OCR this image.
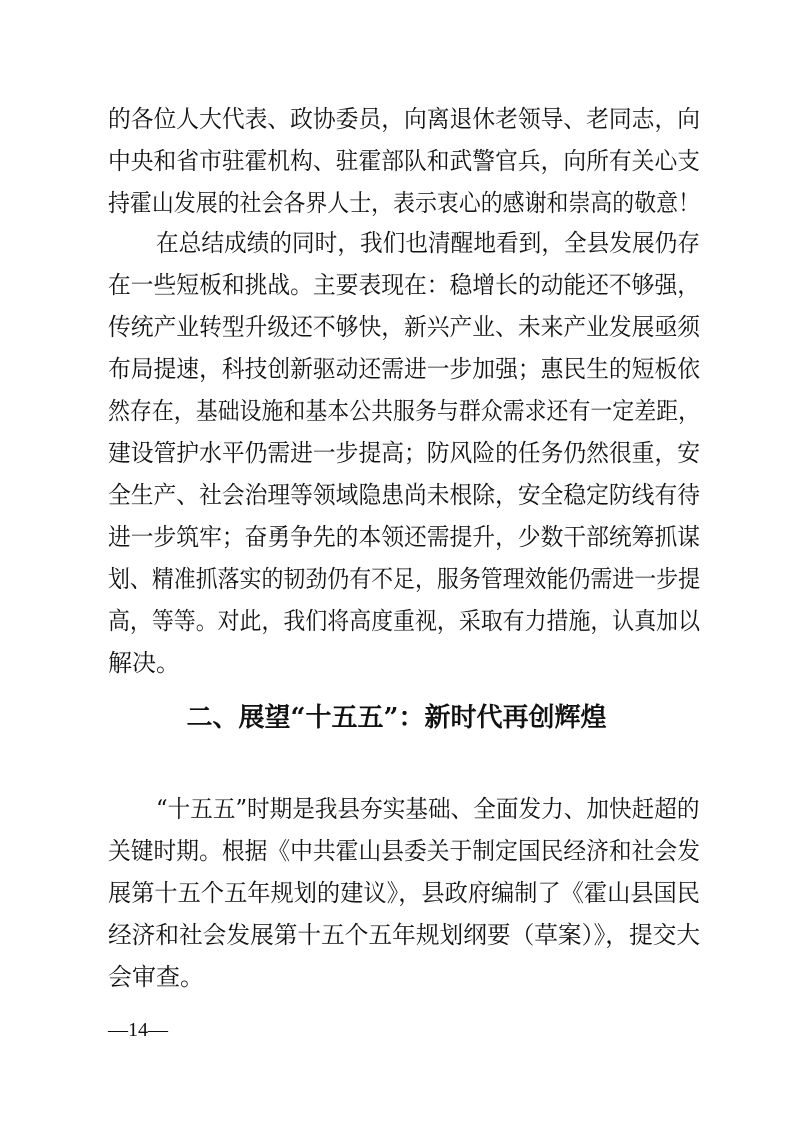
的各位人大代表、政协委员，向离退休老领导、老同志，向
中央和省市驻霍机构、驻霍部队和武警官兵，向所有关心支
持霍山发展的社会各界人士，表示衷心的感谢和崇高的敬意！
在总结成绩的同时，我们也清醒地看到，全县发展仍存
在一些短板和挑战。主要表现在：稳增长的动能还不够强，
传统产业转型升级还不够快，新兴产业、未来产业发展亟须
布局提速，科技创新驱动还需进一步加强；惠民生的短板依
然存在，基础设施和基本公共服务与群众需求还有一定差距，
建设管护水平仍需进一步提高；防风险的任务仍然很重，安
全生产、社会治理等领域隐患尚未根除，安全稳定防线有待
进一步筑牢；奋勇争先的本领还需提升，少数干部统筹抓谋
划、精准抓落实的韧劲仍有不足，服务管理效能仍需进一步提
高，等等。对此，我们将高度重视，采取有力措施，认真加以
解决。
二、展望“十五五”：新时代再创辉煌
“十五五”时期是我县夯实基础、全面发力、加快赶超的
关键时期。根据《中共霍山县委关于制定国民经济和社会发
展第十五个五年规划的建议》，县政府编制了《霍山县国民
经济和社会发展第十五个五年规划纲要（草案）》，提交大
会审查。
—14—
